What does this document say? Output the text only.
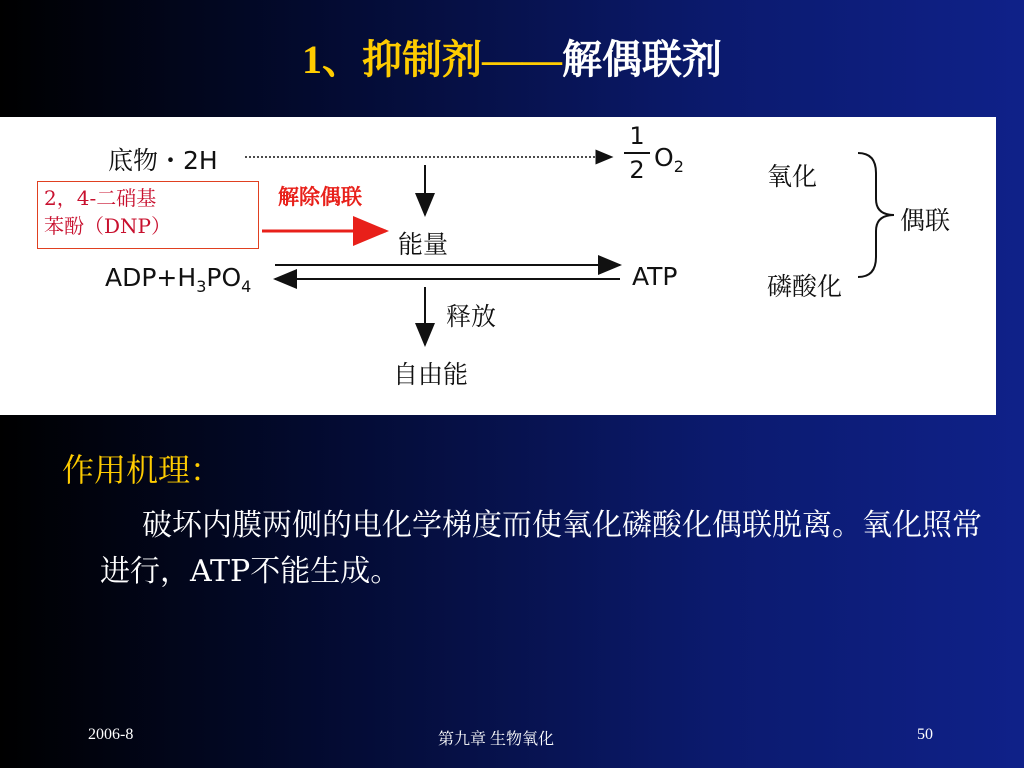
1、抑制剂——解偶联剂
底物・2H
1
2 $O_2$
2，4-二硝基
苯酚（DNP）
解除偶联
能量
$ADP+H_3PO_4$	ATP
释放
自由能
氧化
磷酸化
偶联
作用机理：
破坏内膜两侧的电化学梯度而使氧化磷酸化偶联脱离。氧化照常进行，ATP不能生成。
2006-8	第九章 生物氧化	50
